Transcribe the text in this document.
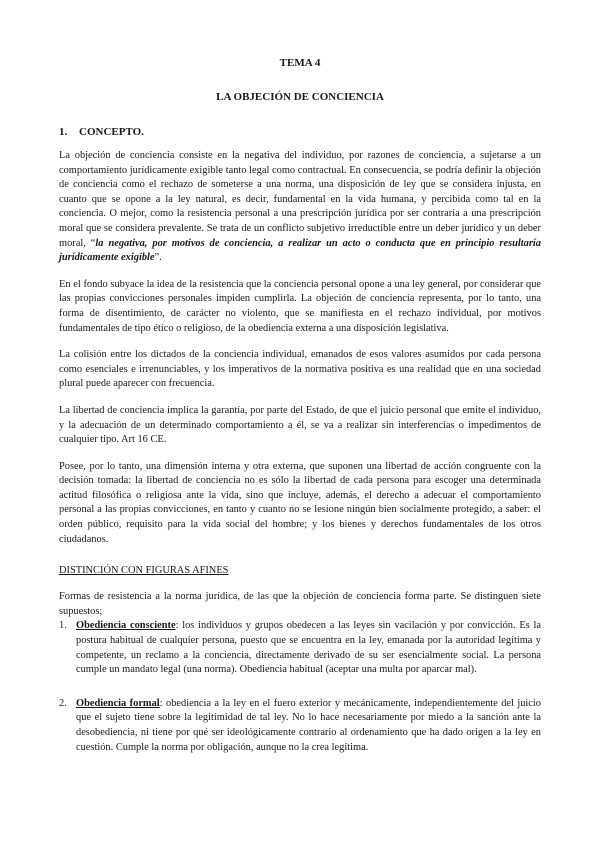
TEMA 4
LA OBJECIÓN DE CONCIENCIA
1.	CONCEPTO.

La objeción de conciencia consiste en la negativa del individuo, por razones de conciencia, a sujetarse a un comportamiento jurídicamente exigible tanto legal como contractual. En consecuencia, se podría definir la objeción de conciencia como el rechazo de someterse a una norma, una disposición de ley que se considera injusta, en cuanto que se opone a la ley natural, es decir, fundamental en la vida humana, y percibida como tal en la conciencia. O mejor, como la resistencia personal a una prescripción jurídica por ser contraria a una prescripción moral que se considera prevalente. Se trata de un conflicto subjetivo irreductible entre un deber jurídico y un deber moral, “la negativa, por motivos de conciencia, a realizar un acto o conducta que en principio resultaría jurídicamente exigible”.

En el fondo subyace la idea de la resistencia que la conciencia personal opone a una ley general, por considerar que las propias convicciones personales impiden cumplirla. La objeción de conciencia representa, por lo tanto, una forma de disentimiento, de carácter no violento, que se manifiesta en el rechazo individual, por motivos fundamentales de tipo ético o religioso, de la obediencia externa a una disposición legislativa.

La colisión entre los dictados de la conciencia individual, emanados de esos valores asumidos por cada persona como esenciales e irrenunciables, y los imperativos de la normativa positiva es una realidad que en una sociedad plural puede aparecer con frecuencia.

La libertad de conciencia implica la garantía, por parte del Estado, de que el juicio personal que emite el individuo, y la adecuación de un determinado comportamiento a él, se va a realizar sin interferencias o impedimentos de cualquier tipo. Art 16 CE.

Posee, por lo tanto, una dimensión interna y otra externa, que suponen una libertad de acción congruente con la decisión tomada: la libertad de conciencia no es sólo la libertad de cada persona para escoger una determinada actitud filosófica o religiosa ante la vida, sino que incluye, además, el derecho a adecuar el comportamiento personal a las propias convicciones, en tanto y cuanto no se lesione ningún bien socialmente protegido, a saber: el orden público, requisito para la vida social del hombre; y los bienes y derechos fundamentales de los otros ciudadanos.

DISTINCIÓN CON FIGURAS AFINES
Formas de resistencia a la norma jurídica, de las que la objeción de conciencia forma parte. Se distinguen siete supuestos;
1. Obediencia consciente: los individuos y grupos obedecen a las leyes sin vacilación y por convicción. Es la postura habitual de cualquier persona, puesto que se encuentra en la ley, emanada por la autoridad legítima y competente, un reclamo a la conciencia, directamente derivado de su ser esencialmente social. La persona cumple un mandato legal (una norma). Obediencia habitual (aceptar una multa por aparcar mal).
2. Obediencia formal: obediencia a la ley en el fuero exterior y mecánicamente, independientemente del juicio que el sujeto tiene sobre la legitimidad de tal ley. No lo hace necesariamente por miedo a la sanción ante la desobediencia, ni tiene por qué ser ideológicamente contrario al ordenamiento que ha dado origen a la ley en cuestión. Cumple la norma por obligación, aunque no la crea legítima.
